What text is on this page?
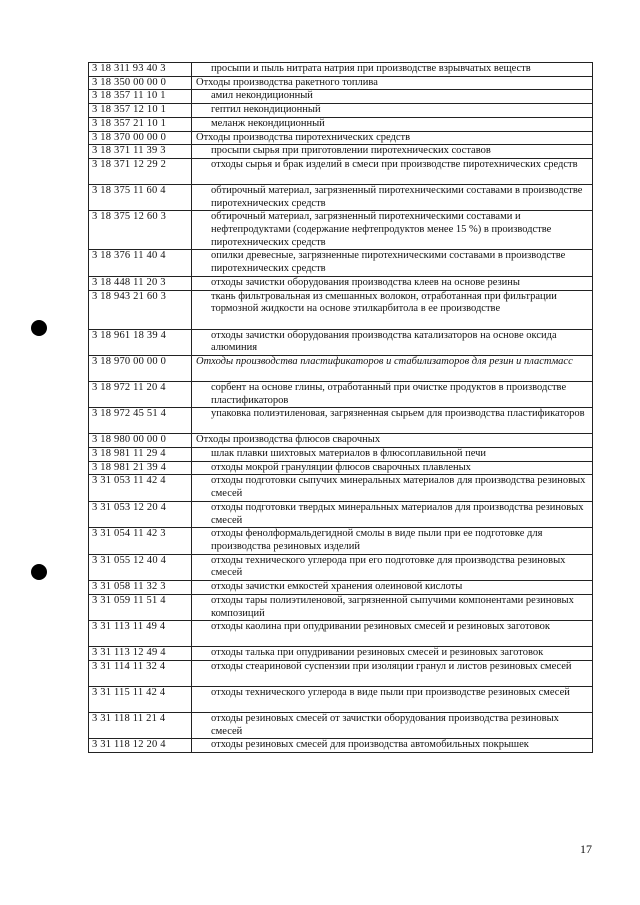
3 18 311 93 40 3	просыпи и пыль нитрата натрия при производстве взрывчатых веществ
3 18 350 00 00 0	Отходы производства ракетного топлива
3 18 357 11 10 1	амил некондиционный
3 18 357 12 10 1	гептил некондиционный
3 18 357 21 10 1	меланж некондиционный
3 18 370 00 00 0	Отходы производства пиротехнических средств
3 18 371 11 39 3	просыпи сырья при приготовлении пиротехнических составов
3 18 371 12 29 2	отходы сырья и брак изделий в смеси при производстве пиротехнических средств
3 18 375 11 60 4	обтирочный материал, загрязненный пиротехническими составами в производстве пиротехнических средств
3 18 375 12 60 3	обтирочный материал, загрязненный пиротехническими составами и нефтепродуктами (содержание нефтепродуктов менее 15 %) в производстве пиротехнических средств
3 18 376 11 40 4	опилки древесные, загрязненные пиротехническими составами в производстве пиротехнических средств
3 18 448 11 20 3	отходы зачистки оборудования производства клеев на основе резины
3 18 943 21 60 3	ткань фильтровальная из смешанных волокон, отработанная при фильтрации тормозной жидкости на основе этилкарбитола в ее производстве
3 18 961 18 39 4	отходы зачистки оборудования производства катализаторов на основе оксида алюминия
3 18 970 00 00 0	Отходы производства пластификаторов и стабилизаторов для резин и пластмасс
3 18 972 11 20 4	сорбент на основе глины, отработанный при очистке продуктов в производстве пластификаторов
3 18 972 45 51 4	упаковка полиэтиленовая, загрязненная сырьем для производства пластификаторов
3 18 980 00 00 0	Отходы производства флюсов сварочных
3 18 981 11 29 4	шлак плавки шихтовых материалов в флюсоплавильной печи
3 18 981 21 39 4	отходы мокрой грануляции флюсов сварочных плавленых
3 31 053 11 42 4	отходы подготовки сыпучих минеральных материалов для производства резиновых смесей
3 31 053 12 20 4	отходы подготовки твердых минеральных материалов для производства резиновых смесей
3 31 054 11 42 3	отходы фенолформальдегидной смолы в виде пыли при ее подготовке для производства резиновых изделий
3 31 055 12 40 4	отходы технического углерода при его подготовке для производства резиновых смесей
3 31 058 11 32 3	отходы зачистки емкостей хранения олеиновой кислоты
3 31 059 11 51 4	отходы тары полиэтиленовой, загрязненной сыпучими компонентами резиновых композиций
3 31 113 11 49 4	отходы каолина при опудривании резиновых смесей и резиновых заготовок
3 31 113 12 49 4	отходы талька при опудривании резиновых смесей и резиновых заготовок
3 31 114 11 32 4	отходы стеариновой суспензии при изоляции гранул и листов резиновых смесей
3 31 115 11 42 4	отходы технического углерода в виде пыли при производстве резиновых смесей
3 31 118 11 21 4	отходы резиновых смесей от зачистки оборудования производства резиновых смесей
3 31 118 12 20 4	отходы резиновых смесей для производства автомобильных покрышек
17
